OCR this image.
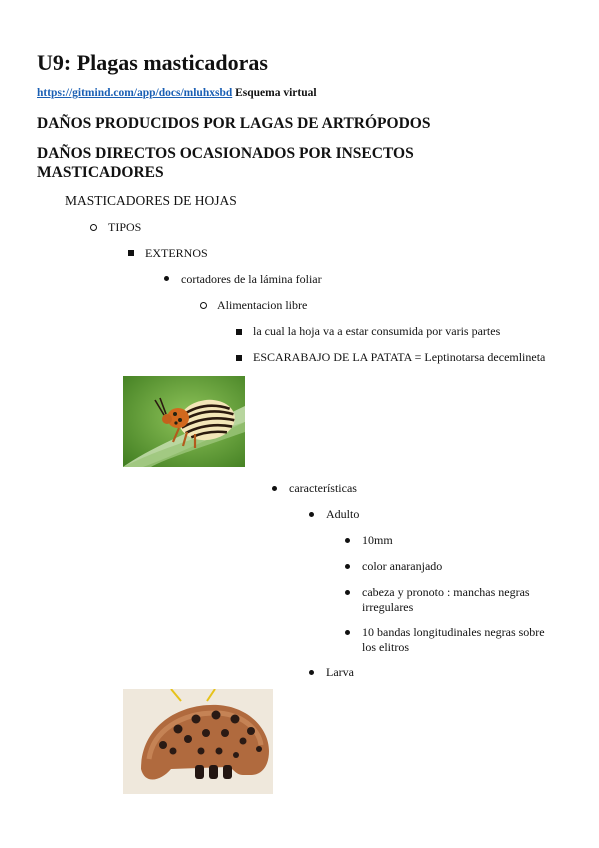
U9: Plagas masticadoras
https://gitmind.com/app/docs/mluhxsbd Esquema virtual
DAÑOS PRODUCIDOS POR LAGAS DE ARTRÓPODOS
DAÑOS DIRECTOS OCASIONADOS POR INSECTOS MASTICADORES
MASTICADORES DE HOJAS
TIPOS
EXTERNOS
cortadores de la lámina foliar
Alimentacion libre
la cual la hoja va a estar consumida por varis partes
ESCARABAJO DE LA PATATA = Leptinotarsa decemlineta
características
Adulto
10mm
color anaranjado
cabeza y pronoto : manchas negras irregulares
10 bandas longitudinales negras sobre los elitros
Larva
